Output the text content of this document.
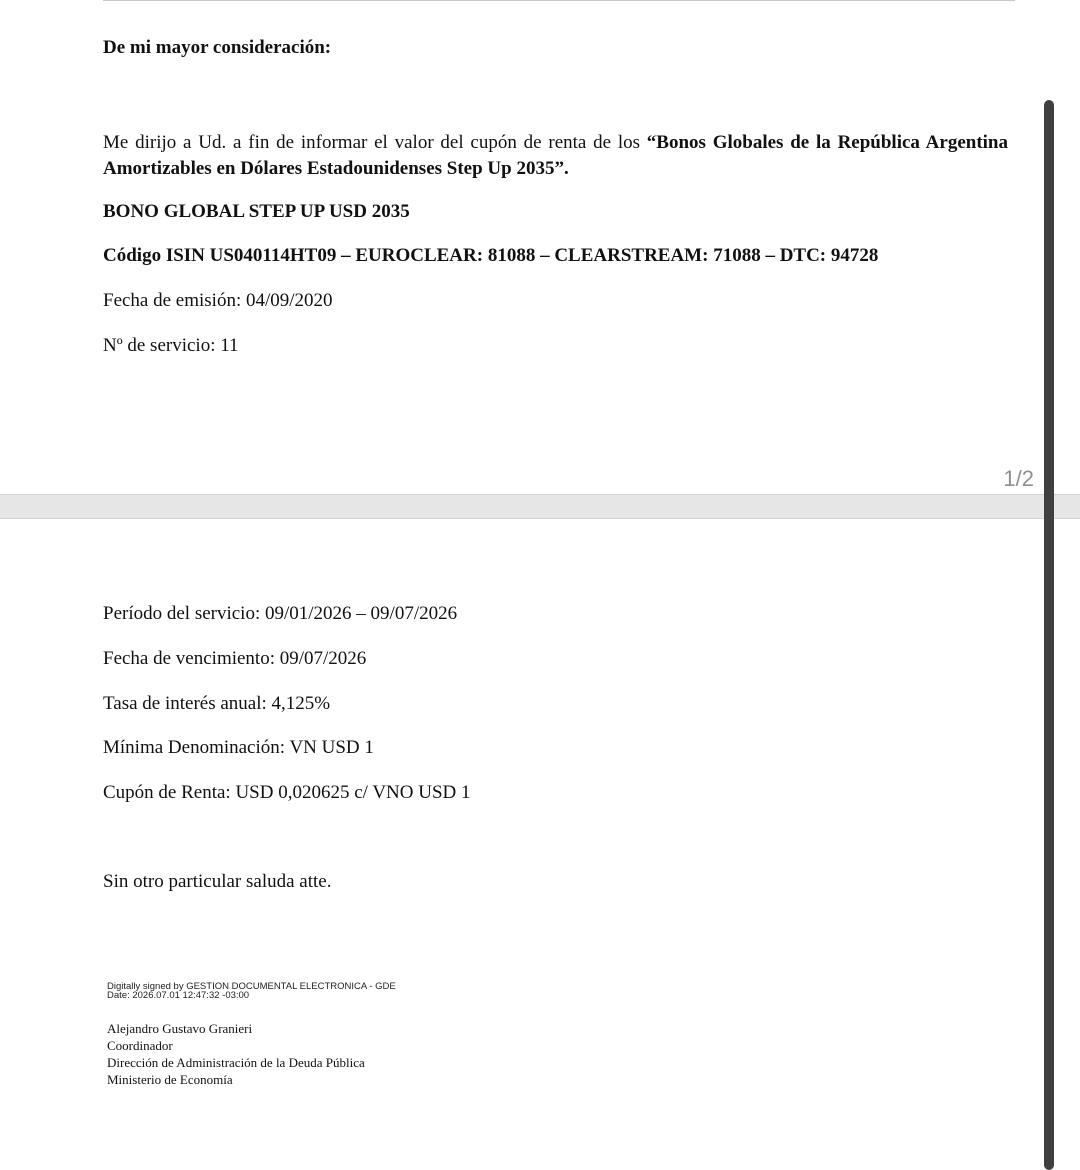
De mi mayor consideración:

Me dirijo a Ud. a fin de informar el valor del cupón de renta de los “Bonos Globales de la República Argentina
Amortizables en Dólares Estadounidenses Step Up 2035”.

BONO GLOBAL STEP UP USD 2035

Código ISIN US040114HT09 – EUROCLEAR: 81088 – CLEARSTREAM: 71088 – DTC: 94728

Fecha de emisión: 04/09/2020

Nº de servicio: 11

1/2

Período del servicio: 09/01/2026 – 09/07/2026

Fecha de vencimiento: 09/07/2026

Tasa de interés anual: 4,125%

Mínima Denominación: VN USD 1

Cupón de Renta: USD 0,020625 c/ VNO USD 1

Sin otro particular saluda atte.

Digitally signed by GESTION DOCUMENTAL ELECTRONICA - GDE

Date: 2026.07.01 12:47:32 -03:00

Alejandro Gustavo Granieri

Coordinador

Dirección de Administración de la Deuda Pública

Ministerio de Economía
